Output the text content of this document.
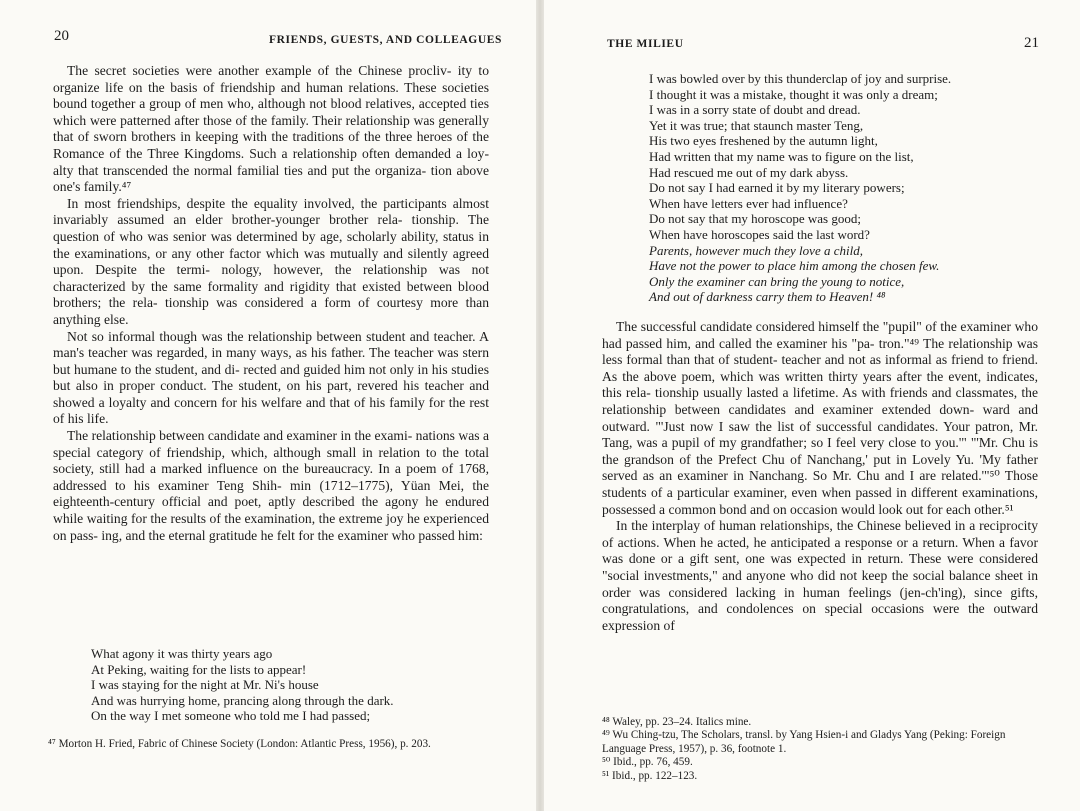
20	FRIENDS, GUESTS, AND COLLEAGUES

The secret societies were another example of the Chinese procliv- ity to organize life on the basis of friendship and human relations. These societies bound together a group of men who, although not blood relatives, accepted ties which were patterned after those of the family. Their relationship was generally that of sworn brothers in keeping with the traditions of the three heroes of the Romance of the Three Kingdoms. Such a relationship often demanded a loy- alty that transcended the normal familial ties and put the organiza- tion above one's family.⁴⁷

In most friendships, despite the equality involved, the participants almost invariably assumed an elder brother-younger brother rela- tionship. The question of who was senior was determined by age, scholarly ability, status in the examinations, or any other factor which was mutually and silently agreed upon. Despite the termi- nology, however, the relationship was not characterized by the same formality and rigidity that existed between blood brothers; the rela- tionship was considered a form of courtesy more than anything else.

Not so informal though was the relationship between student and teacher. A man's teacher was regarded, in many ways, as his father. The teacher was stern but humane to the student, and di- rected and guided him not only in his studies but also in proper conduct. The student, on his part, revered his teacher and showed a loyalty and concern for his welfare and that of his family for the rest of his life.

The relationship between candidate and examiner in the exami- nations was a special category of friendship, which, although small in relation to the total society, still had a marked influence on the bureaucracy. In a poem of 1768, addressed to his examiner Teng Shih- min (1712–1775), Yüan Mei, the eighteenth-century official and poet, aptly described the agony he endured while waiting for the results of the examination, the extreme joy he experienced on pass- ing, and the eternal gratitude he felt for the examiner who passed him:

What agony it was thirty years ago
At Peking, waiting for the lists to appear!
I was staying for the night at Mr. Ni's house
And was hurrying home, prancing along through the dark.
On the way I met someone who told me I had passed;
⁴⁷ Morton H. Fried, Fabric of Chinese Society (London: Atlantic Press, 1956), p. 203.
THE MILIEU	21
I was bowled over by this thunderclap of joy and surprise.
I thought it was a mistake, thought it was only a dream;
I was in a sorry state of doubt and dread.
Yet it was true; that staunch master Teng,
His two eyes freshened by the autumn light,
Had written that my name was to figure on the list,
Had rescued me out of my dark abyss.
Do not say I had earned it by my literary powers;
When have letters ever had influence?
Do not say that my horoscope was good;
When have horoscopes said the last word?
Parents, however much they love a child,
Have not the power to place him among the chosen few.
Only the examiner can bring the young to notice,
And out of darkness carry them to Heaven! ⁴⁸

The successful candidate considered himself the "pupil" of the examiner who had passed him, and called the examiner his "pa- tron."⁴⁹ The relationship was less formal than that of student- teacher and not as informal as friend to friend. As the above poem, which was written thirty years after the event, indicates, this rela- tionship usually lasted a lifetime. As with friends and classmates, the relationship between candidates and examiner extended down- ward and outward. "'Just now I saw the list of successful candidates. Your patron, Mr. Tang, was a pupil of my grandfather; so I feel very close to you.'" "'Mr. Chu is the grandson of the Prefect Chu of Nanchang,' put in Lovely Yu. 'My father served as an examiner in Nanchang. So Mr. Chu and I are related.'"⁵⁰ Those students of a particular examiner, even when passed in different examinations, possessed a common bond and on occasion would look out for each other.⁵¹

In the interplay of human relationships, the Chinese believed in a reciprocity of actions. When he acted, he anticipated a response or a return. When a favor was done or a gift sent, one was expected in return. These were considered "social investments," and anyone who did not keep the social balance sheet in order was considered lacking in human feelings (jen-ch'ing), since gifts, congratulations, and condolences on special occasions were the outward expression of

⁴⁸ Waley, pp. 23–24. Italics mine.
⁴⁹ Wu Ching-tzu, The Scholars, transl. by Yang Hsien-i and Gladys Yang (Peking: Foreign Language Press, 1957), p. 36, footnote 1.
⁵⁰ Ibid., pp. 76, 459.
⁵¹ Ibid., pp. 122–123.
